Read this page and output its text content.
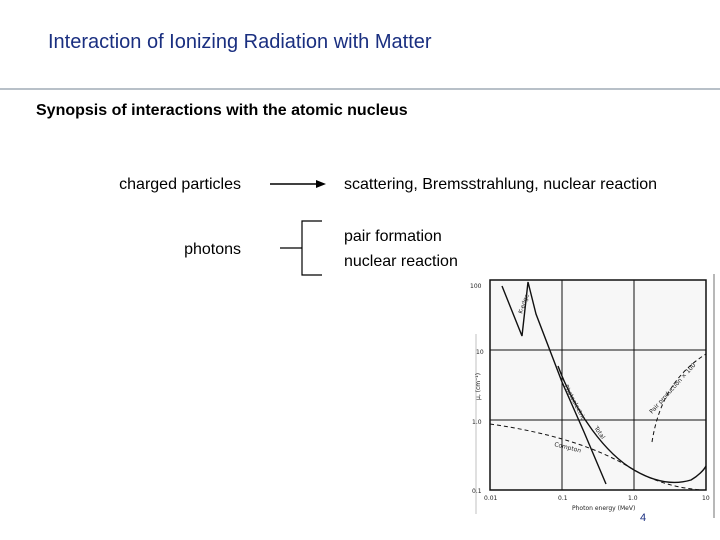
Interaction of Ionizing Radiation with Matter
Synopsis of interactions with the atomic nucleus
charged particles	scattering, Bremsstrahlung, nuclear reaction
photons
pair formation
nuclear reaction
100
10
1.0
0.1
0.01	0.1	1.0	10
Photon energy (MeV)
μ, (cm⁻¹)
K-edge
Photoelectric
Total
Compton
Pair production × 100
4
